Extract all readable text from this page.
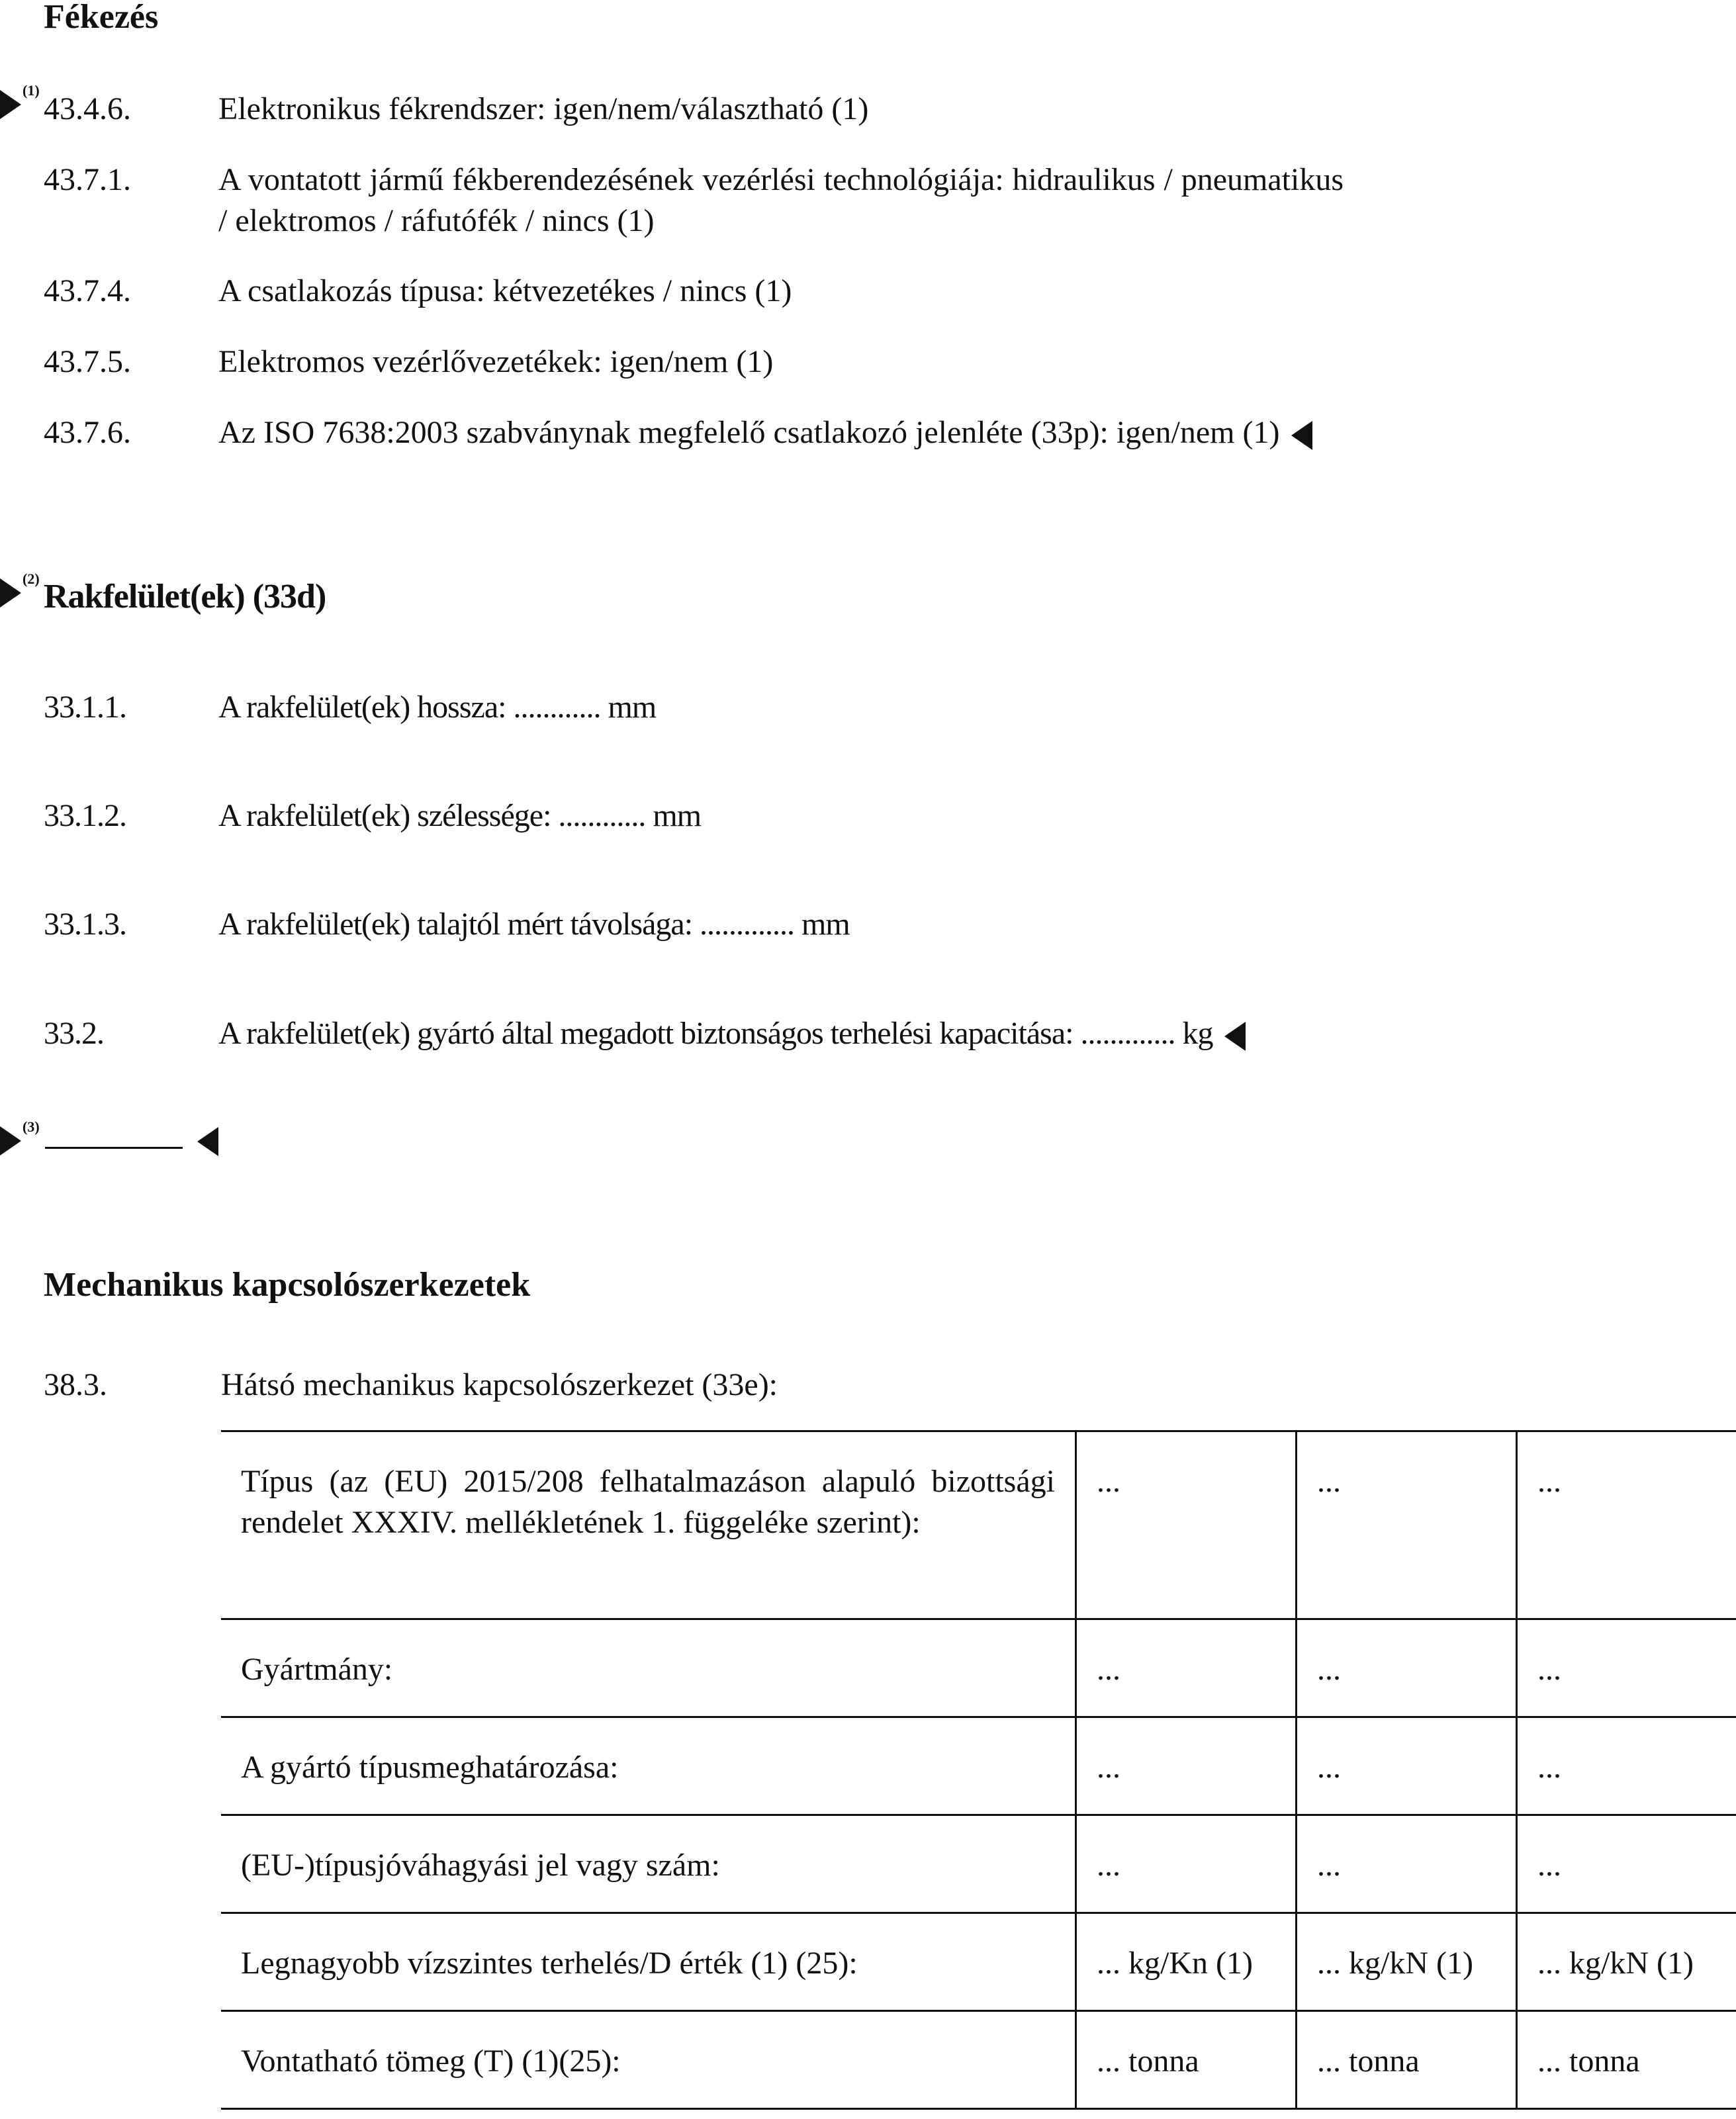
Fékezés
(1)
43.4.6.	Elektronikus fékrendszer: igen/nem/választható (1)
43.7.1.	A vontatott jármű fékberendezésének vezérlési technológiája: hidraulikus / pneumatikus / elektromos / ráfutófék / nincs (1)
43.7.4.	A csatlakozás típusa: kétvezetékes / nincs (1)
43.7.5.	Elektromos vezérlővezetékek: igen/nem (1)
43.7.6.	Az ISO 7638:2003 szabványnak megfelelő csatlakozó jelenléte (33p): igen/nem (1)
(2) Rakfelület(ek) (33d)
33.1.1.	A rakfelület(ek) hossza: ............ mm
33.1.2.	A rakfelület(ek) szélessége: ............ mm
33.1.3.	A rakfelület(ek) talajtól mért távolsága: ............. mm
33.2.	A rakfelület(ek) gyártó által megadott biztonságos terhelési kapacitása: ............. kg
(3)
Mechanikus kapcsolószerkezetek
38.3.	Hátsó mechanikus kapcsolószerkezet (33e):
Típus (az (EU) 2015/208 felhatalmazáson alapuló bizottsági rendelet XXXIV. mellékletének 1. függeléke szerint):	...	...	...
Gyártmány:	...	...	...
A gyártó típusmeghatározása:	...	...	...
(EU-)típusjóváhagyási jel vagy szám:	...	...	...
Legnagyobb vízszintes terhelés/D érték (1) (25):	... kg/Kn (1)	... kg/kN (1)	... kg/kN (1)
Vontatható tömeg (T) (1)(25):	... tonna	... tonna	... tonna
